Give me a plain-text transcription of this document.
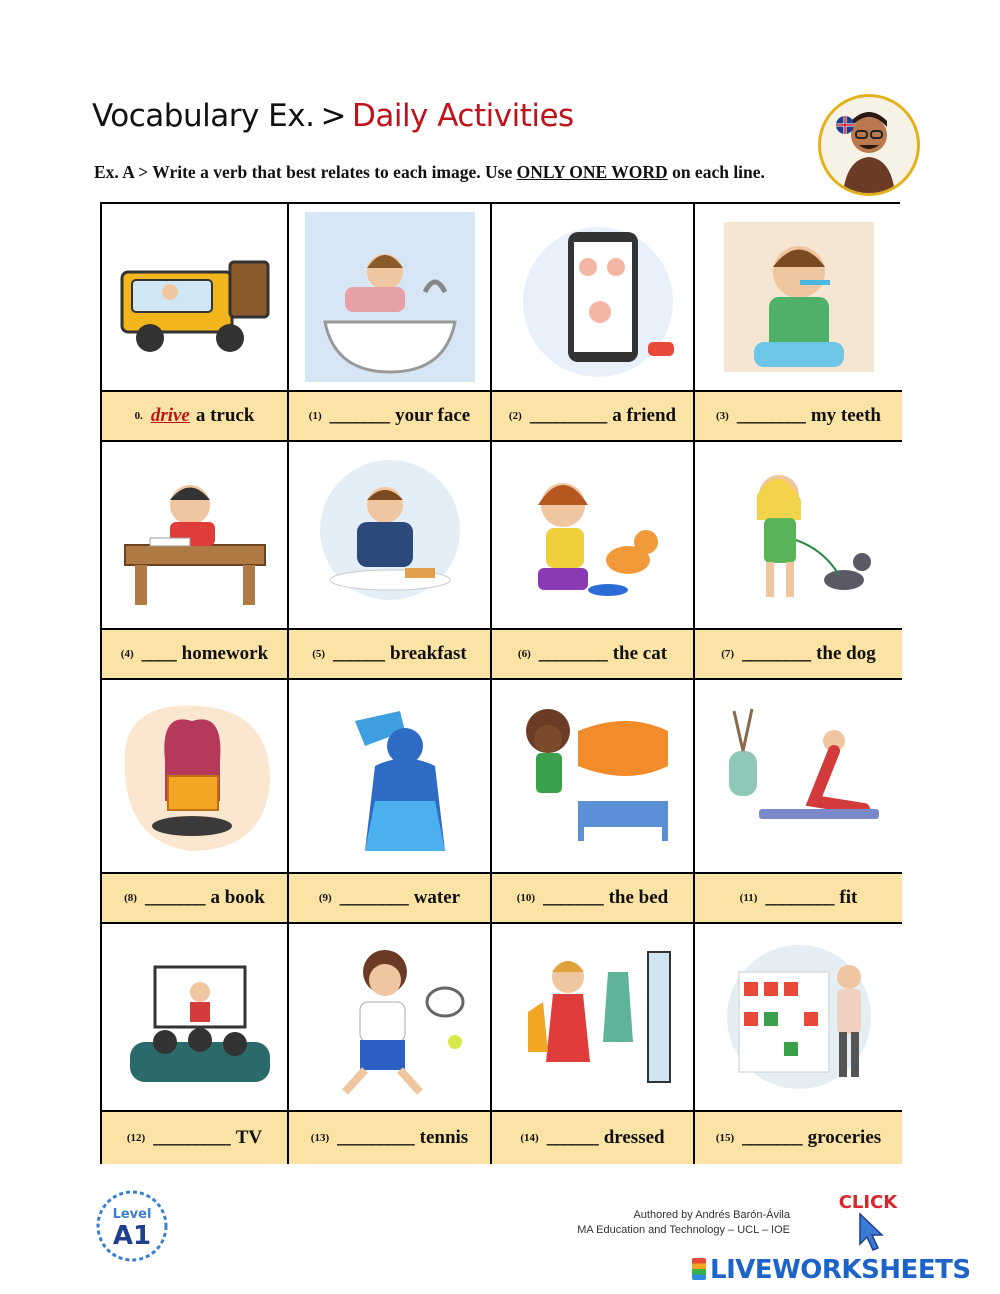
Vocabulary Ex. > Daily Activities
Ex. A > Write a verb that best relates to each image. Use ONLY ONE WORD on each line.
0. drive a truck	(1) _______ your face	(2) _________ a friend	(3) ________ my teeth
(4) ____ homework	(5) ______ breakfast	(6) ________ the cat	(7) ________ the dog
(8) _______ a book	(9) ________ water	(10) _______ the bed	(11) ________ fit
(12) _________ TV	(13) _________ tennis	(14) ______ dressed	(15) _______ groceries
Level
A1
Authored by Andrés Barón-Ávila
MA Education and Technology – UCL – IOE
CLICK
LIVEWORKSHEETS
